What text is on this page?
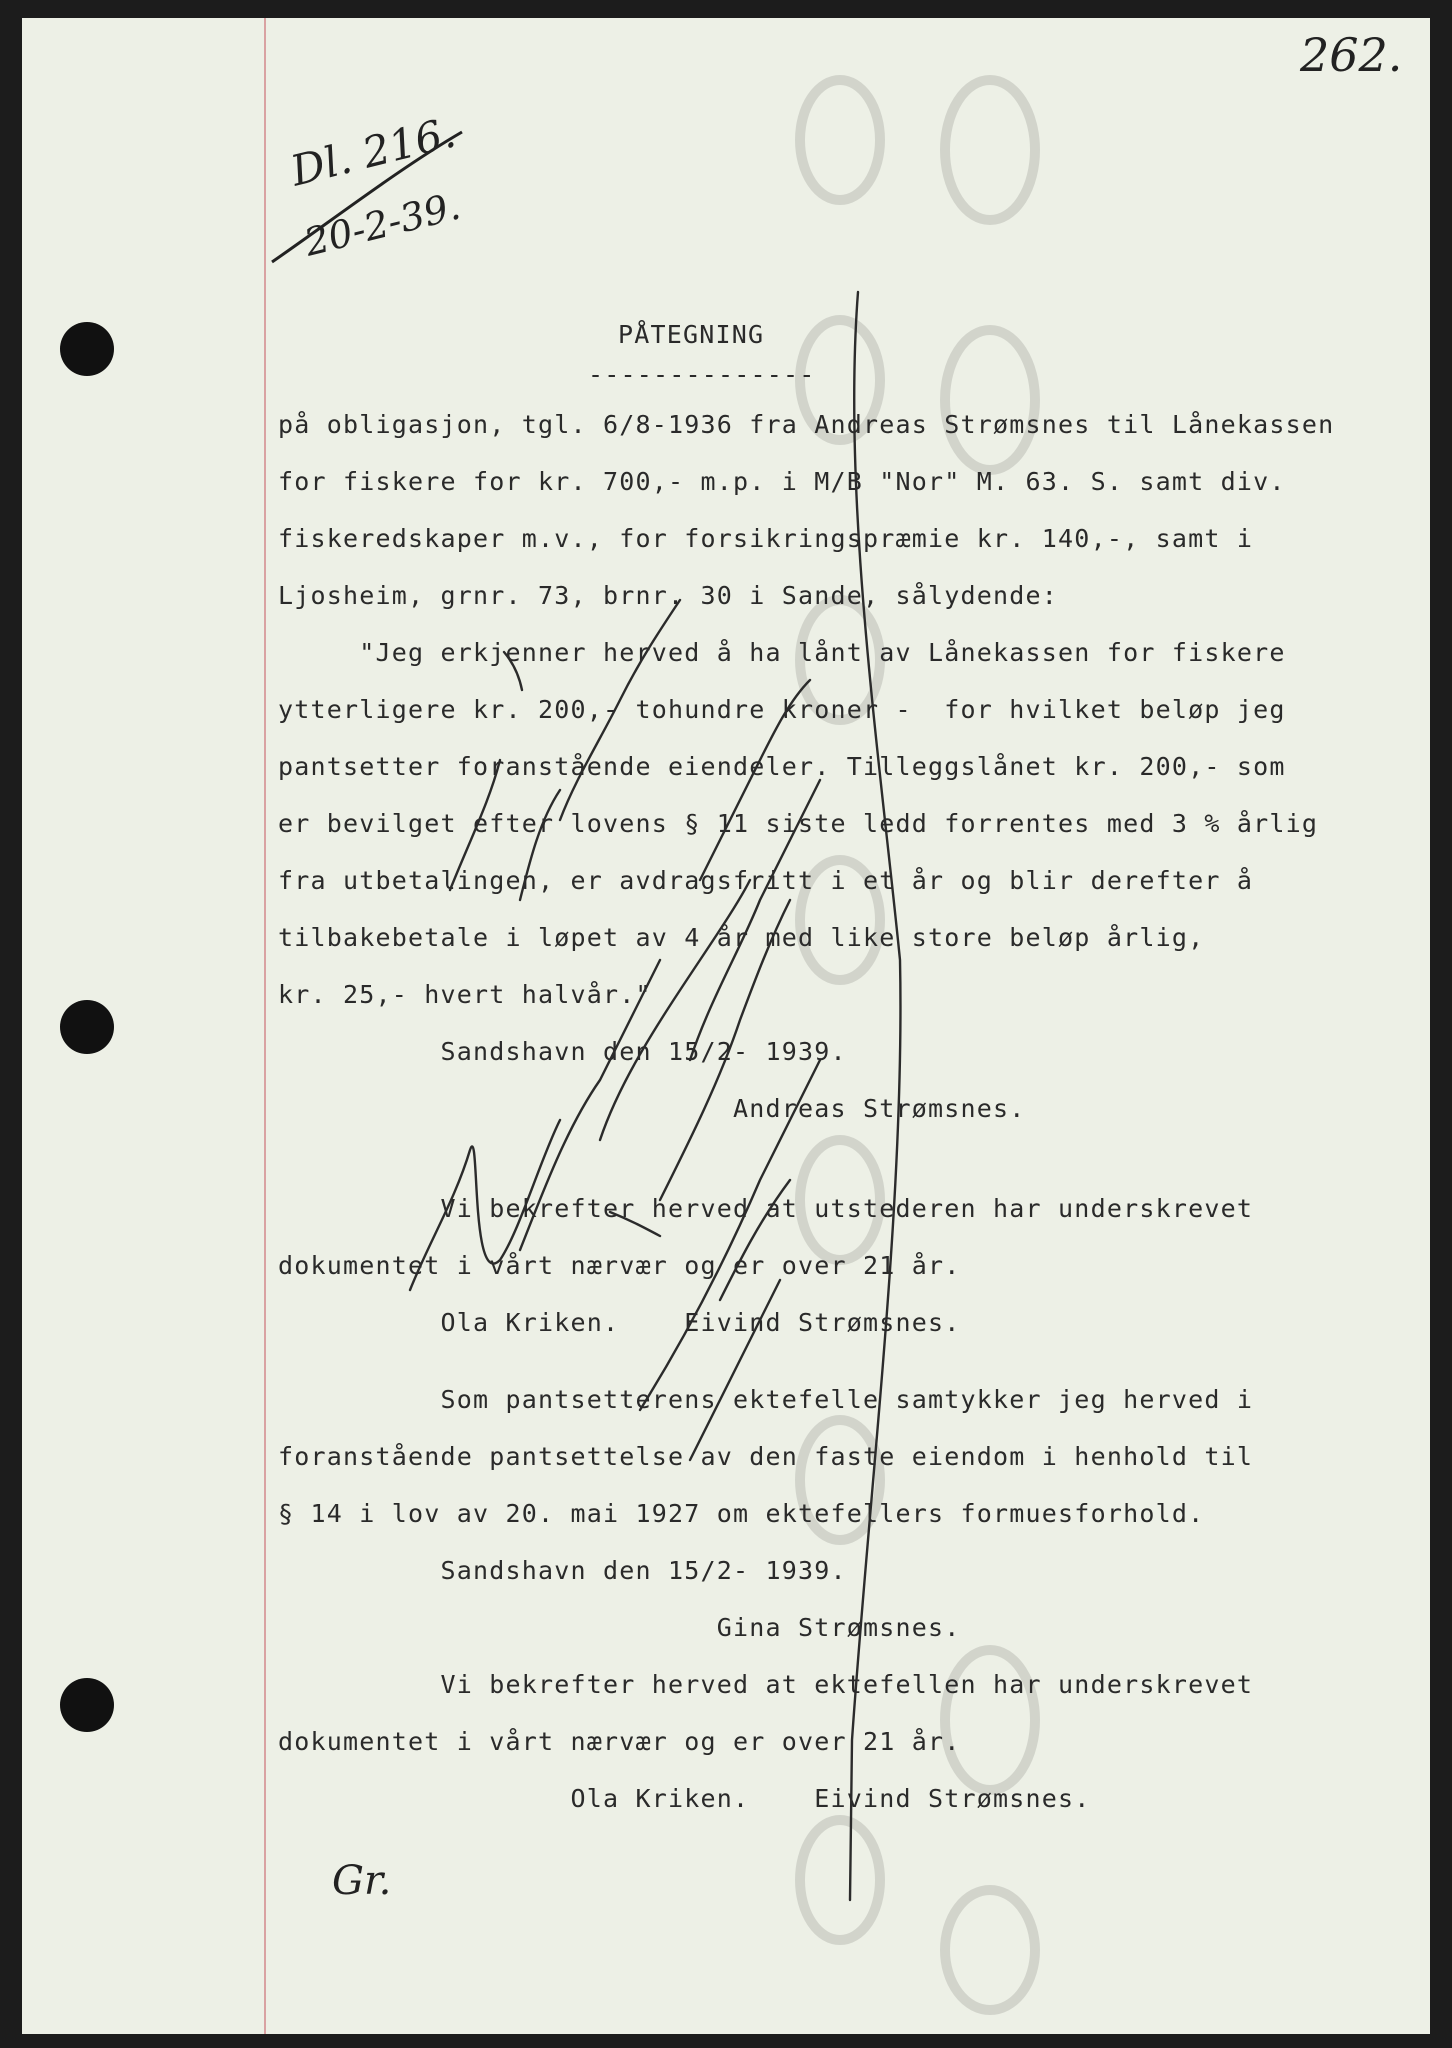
262.
Dl. 216.
20-2-39.
PÅTEGNING
--------------
på obligasjon, tgl. 6/8-1936 fra Andreas Strømsnes til Lånekassen
for fiskere for kr. 700,- m.p. i M/B "Nor" M. 63. S. samt div.
fiskeredskaper m.v., for forsikringspræmie kr. 140,-, samt i
Ljosheim, grnr. 73, brnr. 30 i Sande, sålydende:
"Jeg erkjenner herved å ha lånt av Lånekassen for fiskere
ytterligere kr. 200,- tohundre kroner -  for hvilket beløp jeg
pantsetter foranstående eiendeler. Tilleggslånet kr. 200,- som
er bevilget efter lovens § 11 siste ledd forrentes med 3 % årlig
fra utbetalingen, er avdragsfritt i et år og blir derefter å
tilbakebetale i løpet av 4 år med like store beløp årlig,
kr. 25,- hvert halvår."
Sandshavn den 15/2- 1939.
Andreas Strømsnes.
Vi bekrefter herved at utstederen har underskrevet
dokumentet i vårt nærvær og er over 21 år.
Ola Kriken.    Eivind Strømsnes.
Som pantsetterens ektefelle samtykker jeg herved i
foranstående pantsettelse av den faste eiendom i henhold til
§ 14 i lov av 20. mai 1927 om ektefellers formuesforhold.
Sandshavn den 15/2- 1939.
Gina Strømsnes.
Vi bekrefter herved at ektefellen har underskrevet
dokumentet i vårt nærvær og er over 21 år.
Ola Kriken.    Eivind Strømsnes.
Gr.
